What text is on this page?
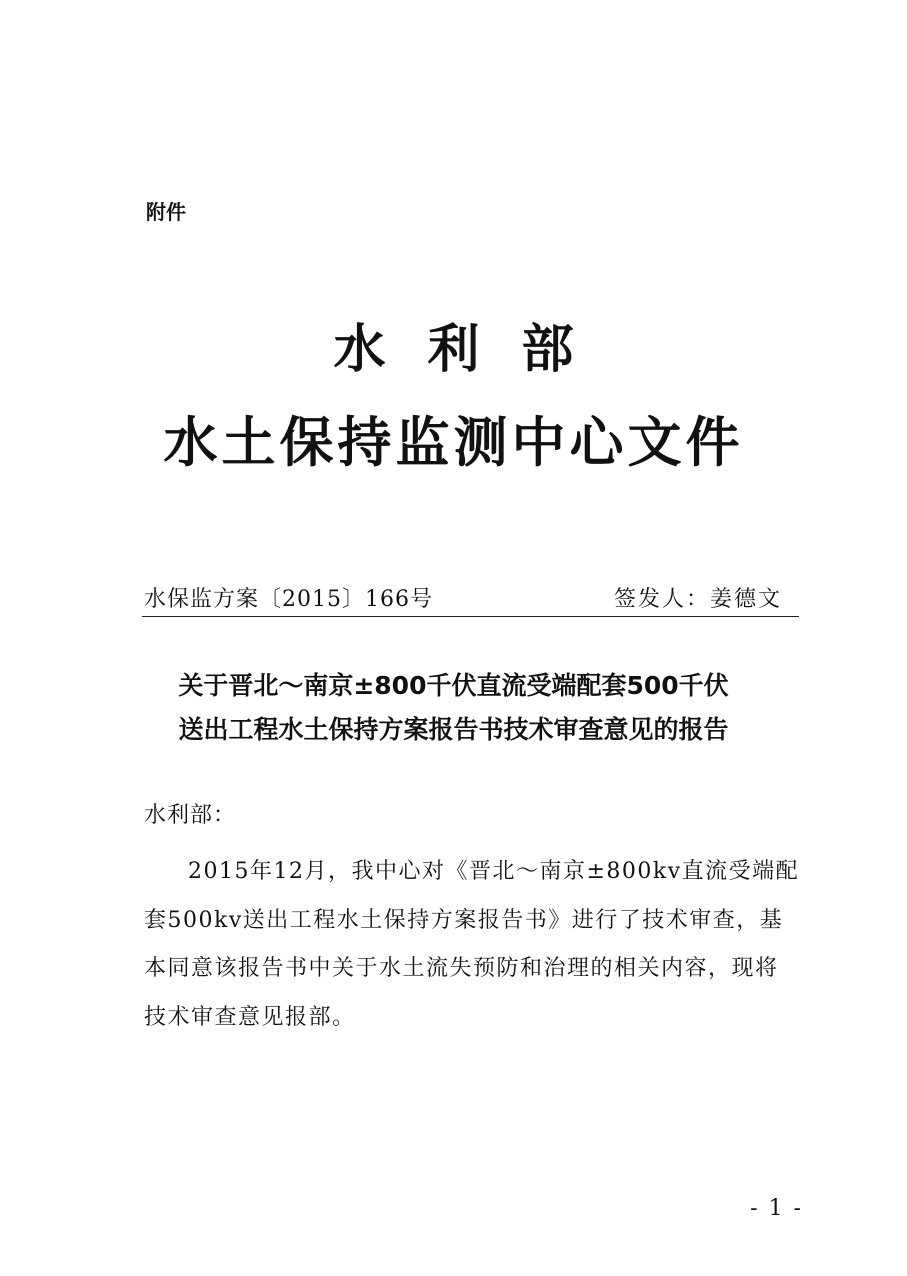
附件
水利部
水土保持监测中心文件
水保监方案〔2015〕166号	签发人：姜德文
关于晋北～南京±800千伏直流受端配套500千伏
送出工程水土保持方案报告书技术审查意见的报告
水利部：
2015年12月，我中心对《晋北～南京±800kv直流受端配
套500kv送出工程水土保持方案报告书》进行了技术审查，基
本同意该报告书中关于水土流失预防和治理的相关内容，现将
技术审查意见报部。
- 1 -
